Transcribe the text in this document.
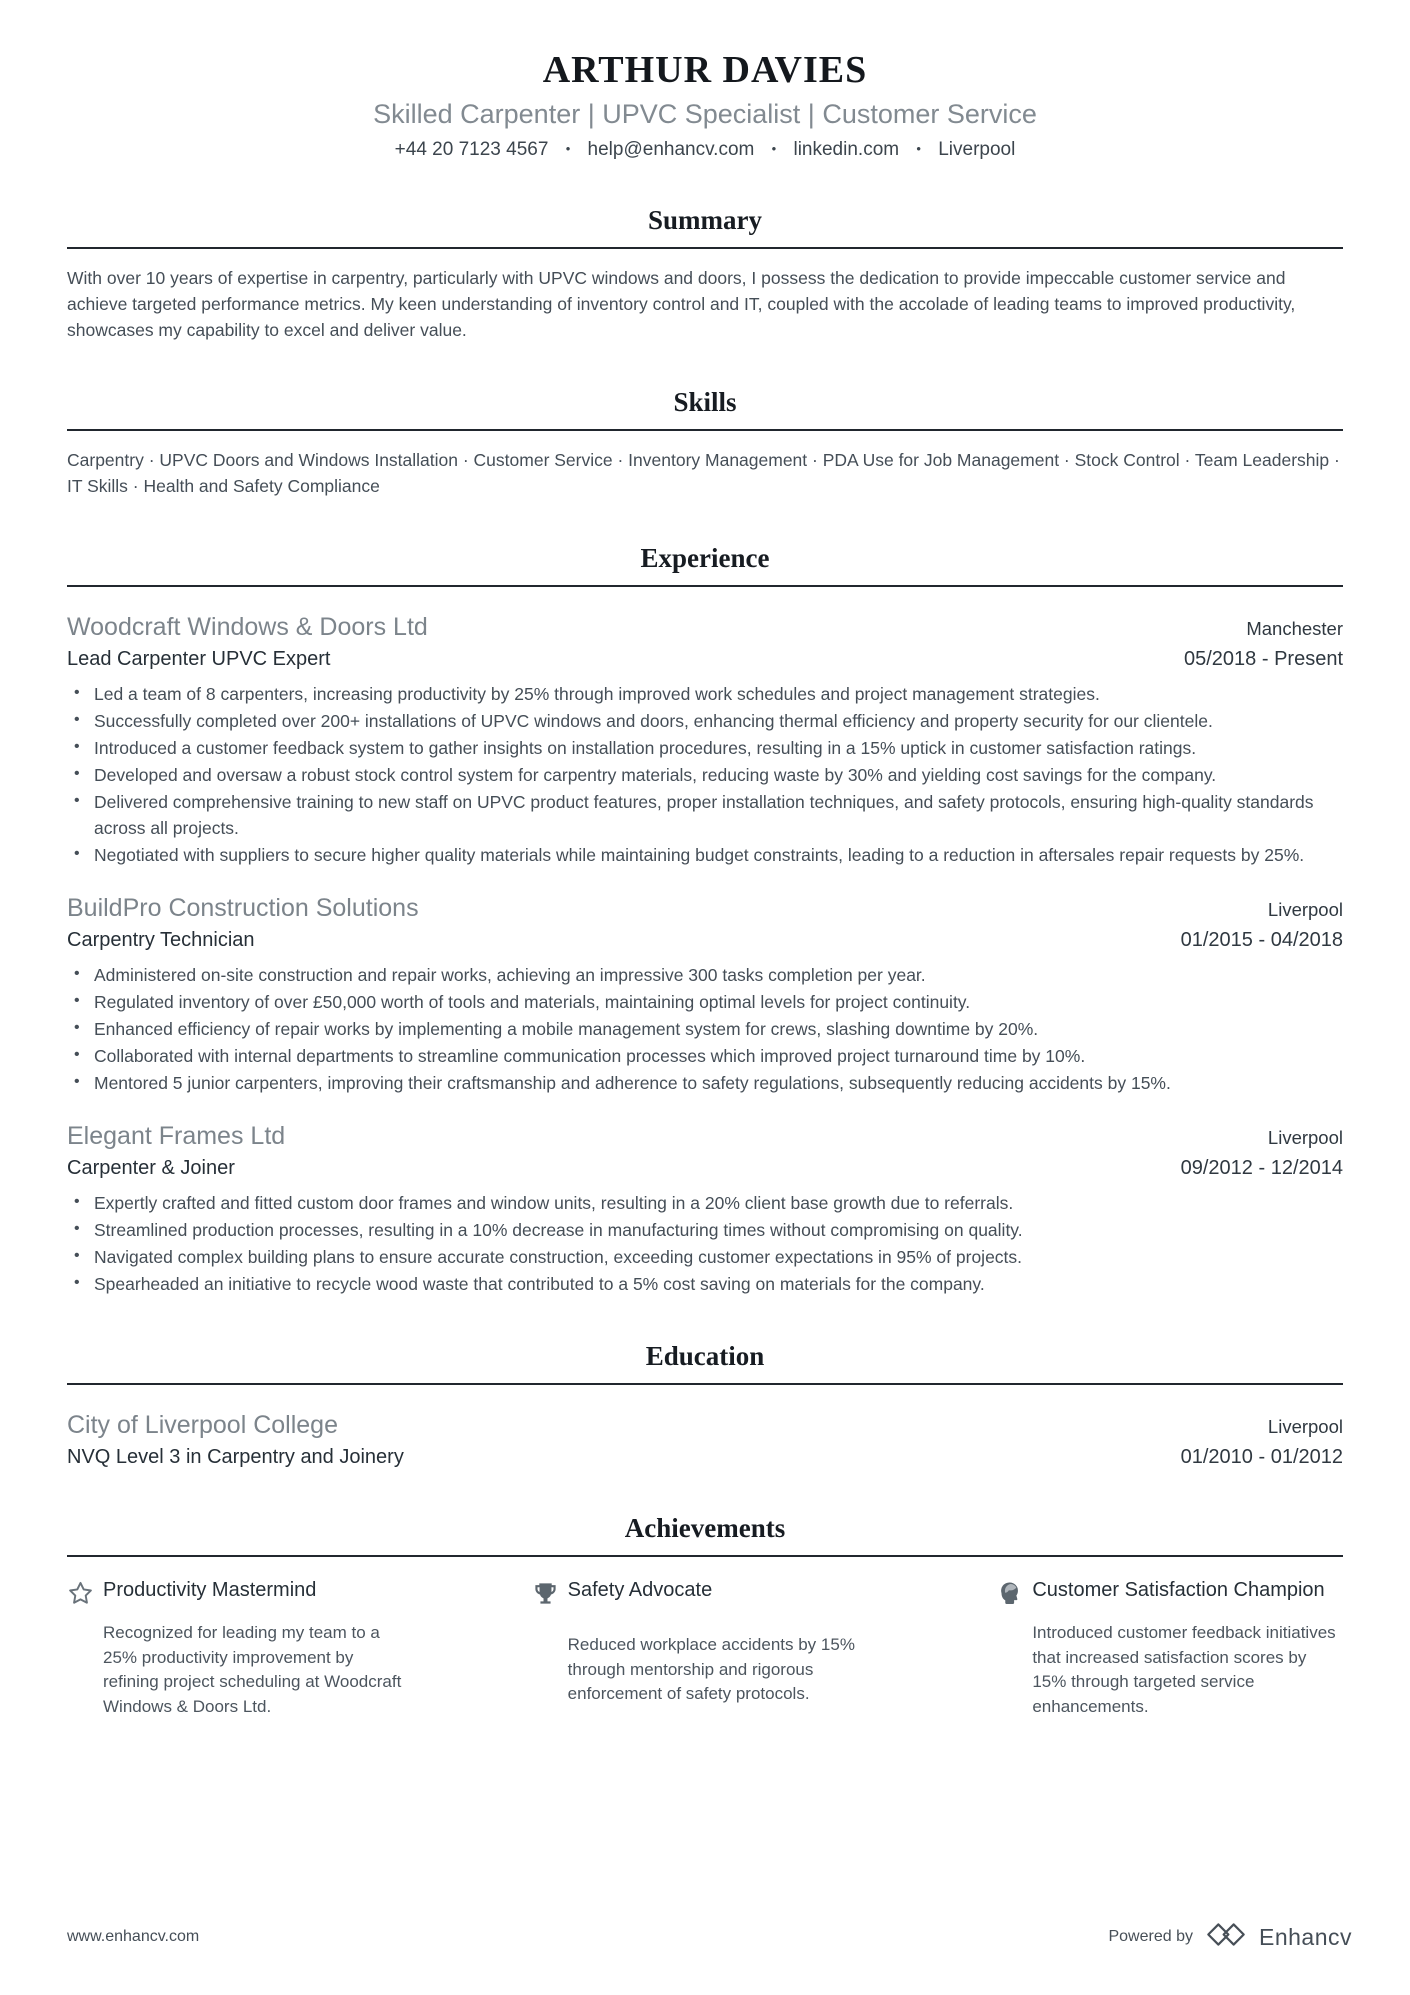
ARTHUR DAVIES
Skilled Carpenter | UPVC Specialist | Customer Service
+44 20 7123 4567 • help@enhancv.com • linkedin.com • Liverpool
Summary
With over 10 years of expertise in carpentry, particularly with UPVC windows and doors, I possess the dedication to provide impeccable customer service and achieve targeted performance metrics. My keen understanding of inventory control and IT, coupled with the accolade of leading teams to improved productivity, showcases my capability to excel and deliver value.
Skills
Carpentry · UPVC Doors and Windows Installation · Customer Service · Inventory Management · PDA Use for Job Management · Stock Control · Team Leadership · IT Skills · Health and Safety Compliance
Experience
Woodcraft Windows & Doors Ltd	Manchester
Lead Carpenter UPVC Expert	05/2018 - Present
• Led a team of 8 carpenters, increasing productivity by 25% through improved work schedules and project management strategies.
• Successfully completed over 200+ installations of UPVC windows and doors, enhancing thermal efficiency and property security for our clientele.
• Introduced a customer feedback system to gather insights on installation procedures, resulting in a 15% uptick in customer satisfaction ratings.
• Developed and oversaw a robust stock control system for carpentry materials, reducing waste by 30% and yielding cost savings for the company.
• Delivered comprehensive training to new staff on UPVC product features, proper installation techniques, and safety protocols, ensuring high-quality standards across all projects.
• Negotiated with suppliers to secure higher quality materials while maintaining budget constraints, leading to a reduction in aftersales repair requests by 25%.
BuildPro Construction Solutions	Liverpool
Carpentry Technician	01/2015 - 04/2018
• Administered on-site construction and repair works, achieving an impressive 300 tasks completion per year.
• Regulated inventory of over £50,000 worth of tools and materials, maintaining optimal levels for project continuity.
• Enhanced efficiency of repair works by implementing a mobile management system for crews, slashing downtime by 20%.
• Collaborated with internal departments to streamline communication processes which improved project turnaround time by 10%.
• Mentored 5 junior carpenters, improving their craftsmanship and adherence to safety regulations, subsequently reducing accidents by 15%.
Elegant Frames Ltd	Liverpool
Carpenter & Joiner	09/2012 - 12/2014
• Expertly crafted and fitted custom door frames and window units, resulting in a 20% client base growth due to referrals.
• Streamlined production processes, resulting in a 10% decrease in manufacturing times without compromising on quality.
• Navigated complex building plans to ensure accurate construction, exceeding customer expectations in 95% of projects.
• Spearheaded an initiative to recycle wood waste that contributed to a 5% cost saving on materials for the company.
Education
City of Liverpool College	Liverpool
NVQ Level 3 in Carpentry and Joinery	01/2010 - 01/2012
Achievements
Productivity Mastermind
Recognized for leading my team to a 25% productivity improvement by refining project scheduling at Woodcraft Windows & Doors Ltd.
Safety Advocate
Reduced workplace accidents by 15% through mentorship and rigorous enforcement of safety protocols.
Customer Satisfaction Champion
Introduced customer feedback initiatives that increased satisfaction scores by 15% through targeted service enhancements.
www.enhancv.com	Powered by	Enhancv
